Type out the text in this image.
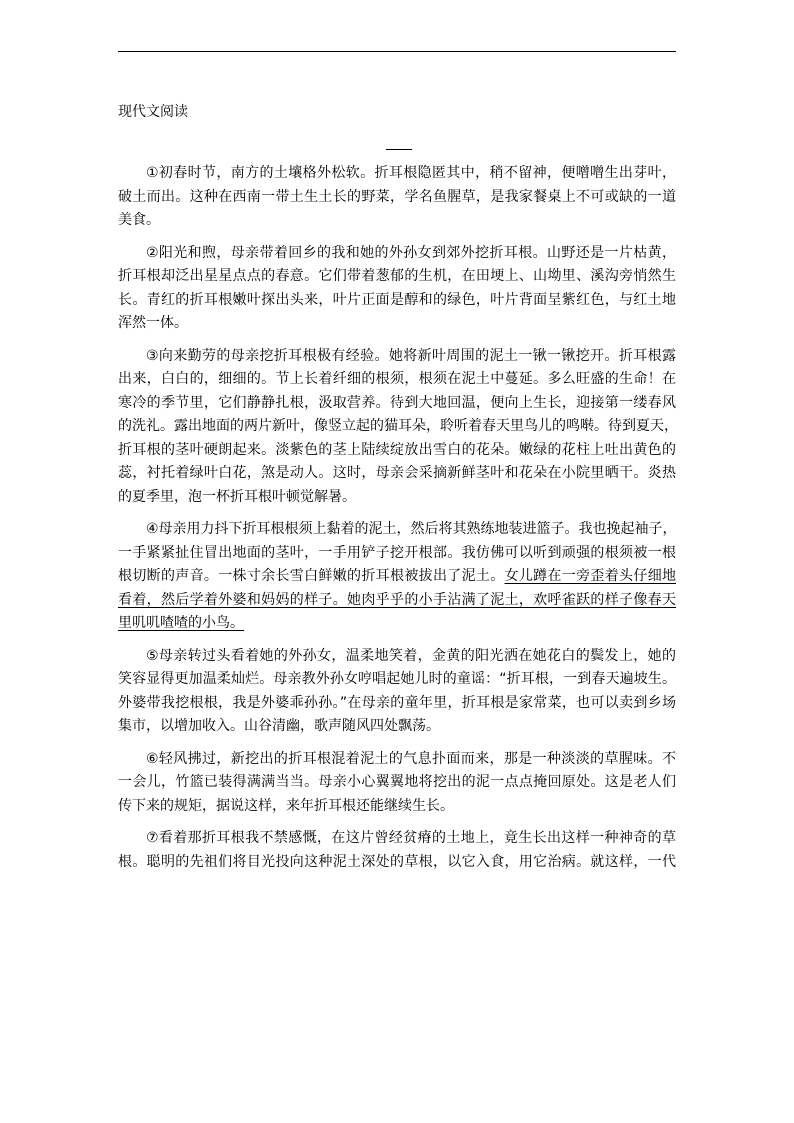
现代文阅读

①初春时节，南方的土壤格外松软。折耳根隐匿其中，稍不留神，便噌噌生出芽叶，
破土而出。这种在西南一带土生土长的野菜，学名鱼腥草，是我家餐桌上不可或缺的一道
美食。

②阳光和煦，母亲带着回乡的我和她的外孙女到郊外挖折耳根。山野还是一片枯黄，
折耳根却泛出星星点点的春意。它们带着葱郁的生机，在田埂上、山坳里、溪沟旁悄然生
长。青红的折耳根嫩叶探出头来，叶片正面是醇和的绿色，叶片背面呈紫红色，与红土地
浑然一体。

③向来勤劳的母亲挖折耳根极有经验。她将新叶周围的泥土一锹一锹挖开。折耳根露
出来，白白的，细细的。节上长着纤细的根须，根须在泥土中蔓延。多么旺盛的生命！在
寒冷的季节里，它们静静扎根，汲取营养。待到大地回温，便向上生长，迎接第一缕春风
的洗礼。露出地面的两片新叶，像竖立起的猫耳朵，聆听着春天里鸟儿的鸣啭。待到夏天，
折耳根的茎叶硬朗起来。淡紫色的茎上陆续绽放出雪白的花朵。嫩绿的花柱上吐出黄色的
蕊，衬托着绿叶白花，煞是动人。这时，母亲会采摘新鲜茎叶和花朵在小院里晒干。炎热
的夏季里，泡一杯折耳根叶顿觉解暑。

④母亲用力抖下折耳根根须上黏着的泥土，然后将其熟练地装进篮子。我也挽起袖子，
一手紧紧扯住冒出地面的茎叶，一手用铲子挖开根部。我仿佛可以听到顽强的根须被一根
根切断的声音。一株寸余长雪白鲜嫩的折耳根被拔出了泥土。女儿蹲在一旁歪着头仔细地
看着，然后学着外婆和妈妈的样子。她肉乎乎的小手沾满了泥土，欢呼雀跃的样子像春天
里叽叽喳喳的小鸟。

⑤母亲转过头看着她的外孙女，温柔地笑着，金黄的阳光洒在她花白的鬓发上，她的
笑容显得更加温柔灿烂。母亲教外孙女哼唱起她儿时的童谣：“折耳根，一到春天遍坡生。
外婆带我挖根根，我是外婆乖孙孙。”在母亲的童年里，折耳根是家常菜，也可以卖到乡场
集市，以增加收入。山谷清幽，歌声随风四处飘荡。

⑥轻风拂过，新挖出的折耳根混着泥土的气息扑面而来，那是一种淡淡的草腥味。不
一会儿，竹篮已装得满满当当。母亲小心翼翼地将挖出的泥一点点掩回原处。这是老人们
传下来的规矩，据说这样，来年折耳根还能继续生长。

⑦看着那折耳根我不禁感慨，在这片曾经贫瘠的土地上，竟生长出这样一种神奇的草
根。聪明的先祖们将目光投向这种泥土深处的草根，以它入食，用它治病。就这样，一代
